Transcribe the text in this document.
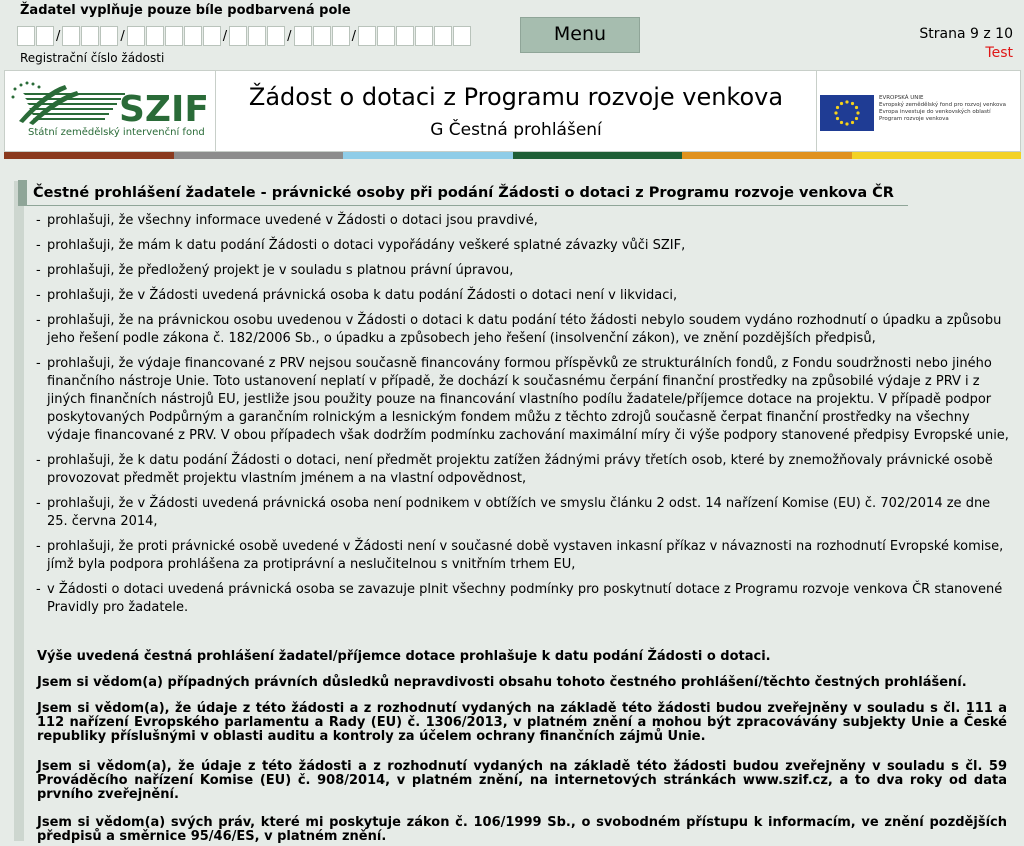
Žadatel vyplňuje pouze bíle podbarvená pole
/	/	/	/	/
Registrační číslo žádosti
Menu	Strana 9 z 10
Test
SZIF
Státní zemědělský intervenční fond
Žádost o dotaci z Programu rozvoje venkova
G Čestná prohlášení
EVROPSKÁ UNIE
Evropský zemědělský fond pro rozvoj venkova
Evropa investuje do venkovských oblastí
Program rozvoje venkova
Čestné prohlášení žadatele - právnické osoby při podání Žádosti o dotaci z Programu rozvoje venkova ČR
- prohlašuji, že všechny informace uvedené v Žádosti o dotaci jsou pravdivé,
- prohlašuji, že mám k datu podání Žádosti o dotaci vypořádány veškeré splatné závazky vůči SZIF,
- prohlašuji, že předložený projekt je v souladu s platnou právní úpravou,
- prohlašuji, že v Žádosti uvedená právnická osoba k datu podání Žádosti o dotaci není v likvidaci,
- prohlašuji, že na právnickou osobu uvedenou v Žádosti o dotaci k datu podání této žádosti nebylo soudem vydáno rozhodnutí o úpadku a způsobu jeho řešení podle zákona č. 182/2006 Sb., o úpadku a způsobech jeho řešení (insolvenční zákon), ve znění pozdějších předpisů,
- prohlašuji, že výdaje financované z PRV nejsou současně financovány formou příspěvků ze strukturálních fondů, z Fondu soudržnosti nebo jiného finančního nástroje Unie. Toto ustanovení neplatí v případě, že dochází k současnému čerpání finanční prostředky na způsobilé výdaje z PRV i z jiných finančních nástrojů EU, jestliže jsou použity pouze na financování vlastního podílu žadatele/příjemce dotace na projektu. V případě podpor poskytovaných Podpůrným a garančním rolnickým a lesnickým fondem můžu z těchto zdrojů současně čerpat finanční prostředky na všechny výdaje financované z PRV. V obou případech však dodržím podmínku zachování maximální míry či výše podpory stanovené předpisy Evropské unie,
- prohlašuji, že k datu podání Žádosti o dotaci, není předmět projektu zatížen žádnými právy třetích osob, které by znemožňovaly právnické osobě provozovat předmět projektu vlastním jménem a na vlastní odpovědnost,
- prohlašuji, že v Žádosti uvedená právnická osoba není podnikem v obtížích ve smyslu článku 2 odst. 14 nařízení Komise (EU) č. 702/2014 ze dne 25. června 2014,
- prohlašuji, že proti právnické osobě uvedené v Žádosti není v současné době vystaven inkasní příkaz v návaznosti na rozhodnutí Evropské komise, jímž byla podpora prohlášena za protiprávní a neslučitelnou s vnitřním trhem EU,
- v Žádosti o dotaci uvedená právnická osoba se zavazuje plnit všechny podmínky pro poskytnutí dotace z Programu rozvoje venkova ČR stanovené Pravidly pro žadatele.
Výše uvedená čestná prohlášení žadatel/příjemce dotace prohlašuje k datu podání Žádosti o dotaci.
Jsem si vědom(a) případných právních důsledků nepravdivosti obsahu tohoto čestného prohlášení/těchto čestných prohlášení.
Jsem si vědom(a), že údaje z této žádosti a z rozhodnutí vydaných na základě této žádosti budou zveřejněny v souladu s čl. 111 a 112 nařízení Evropského parlamentu a Rady (EU) č. 1306/2013, v platném znění a mohou být zpracovávány subjekty Unie a České republiky příslušnými v oblasti auditu a kontroly za účelem ochrany finančních zájmů Unie.
Jsem si vědom(a), že údaje z této žádosti a z rozhodnutí vydaných na základě této žádosti budou zveřejněny v souladu s čl. 59 Prováděcího nařízení Komise (EU) č. 908/2014, v platném znění, na internetových stránkách www.szif.cz, a to dva roky od data prvního zveřejnění.
Jsem si vědom(a) svých práv, které mi poskytuje zákon č. 106/1999 Sb., o svobodném přístupu k informacím, ve znění pozdějších předpisů a směrnice 95/46/ES, v platném znění.
